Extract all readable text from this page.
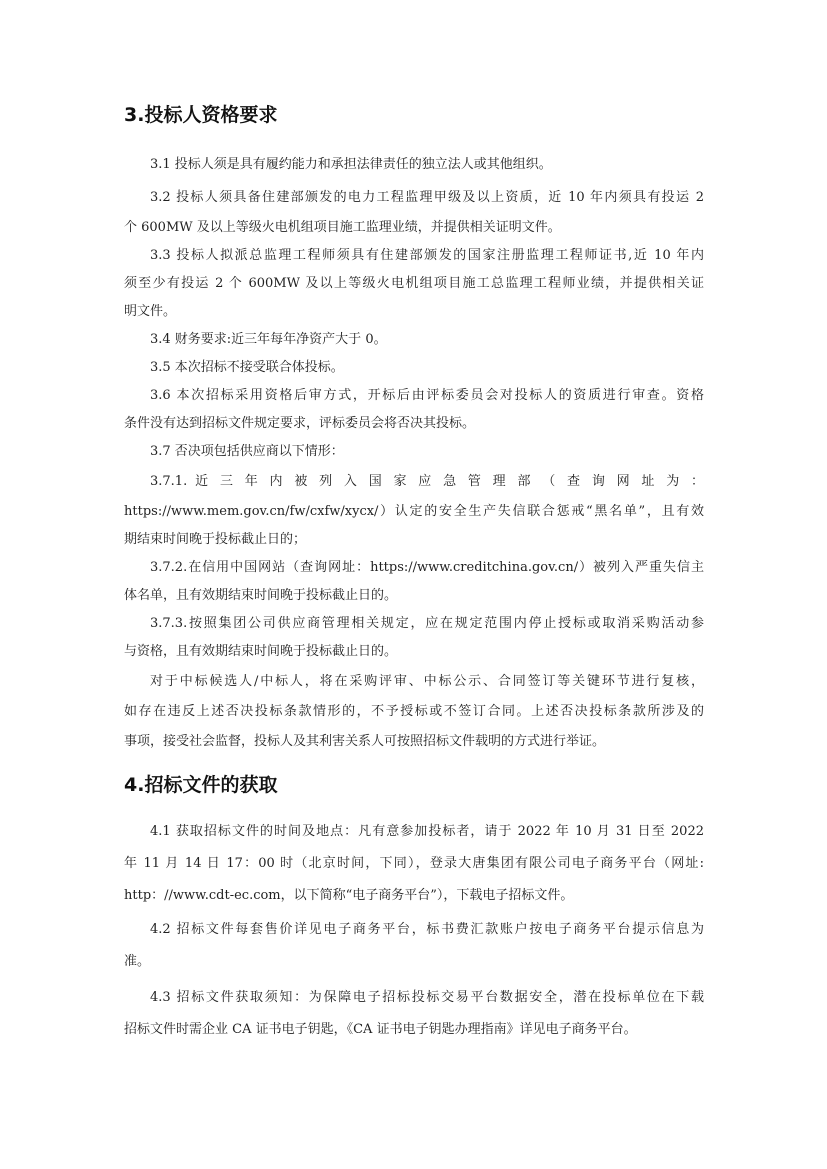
3.投标人资格要求
3.1 投标人须是具有履约能力和承担法律责任的独立法人或其他组织。
3.2 投标人须具备住建部颁发的电力工程监理甲级及以上资质，近 10 年内须具有投运 2
个 600MW 及以上等级火电机组项目施工监理业绩，并提供相关证明文件。
3.3 投标人拟派总监理工程师须具有住建部颁发的国家注册监理工程师证书,近 10 年内
须至少有投运 2 个 600MW 及以上等级火电机组项目施工总监理工程师业绩，并提供相关证
明文件。
3.4 财务要求:近三年每年净资产大于 0。
3.5 本次招标不接受联合体投标。
3.6 本次招标采用资格后审方式，开标后由评标委员会对投标人的资质进行审查。资格
条件没有达到招标文件规定要求，评标委员会将否决其投标。
3.7 否决项包括供应商以下情形：
3.7.1. 近 三 年 内 被 列 入 国 家 应 急 管 理 部 （ 查 询 网 址 为 ：
https://www.mem.gov.cn/fw/cxfw/xycx/）认定的安全生产失信联合惩戒“黑名单”，且有效
期结束时间晚于投标截止日的；
3.7.2.在信用中国网站（查询网址：https://www.creditchina.gov.cn/）被列入严重失信主
体名单，且有效期结束时间晚于投标截止日的。
3.7.3.按照集团公司供应商管理相关规定，应在规定范围内停止授标或取消采购活动参
与资格，且有效期结束时间晚于投标截止日的。
对于中标候选人/中标人，将在采购评审、中标公示、合同签订等关键环节进行复核，
如存在违反上述否决投标条款情形的，不予授标或不签订合同。上述否决投标条款所涉及的
事项，接受社会监督，投标人及其利害关系人可按照招标文件载明的方式进行举证。
4.招标文件的获取
4.1 获取招标文件的时间及地点：凡有意参加投标者，请于 2022 年 10 月 31 日至 2022
年 11 月 14 日 17：00 时（北京时间，下同），登录大唐集团有限公司电子商务平台（网址:
http：//www.cdt-ec.com，以下简称“电子商务平台”），下载电子招标文件。
4.2 招标文件每套售价详见电子商务平台，标书费汇款账户按电子商务平台提示信息为
准。
4.3 招标文件获取须知：为保障电子招标投标交易平台数据安全，潜在投标单位在下载
招标文件时需企业 CA 证书电子钥匙，《CA 证书电子钥匙办理指南》详见电子商务平台。
